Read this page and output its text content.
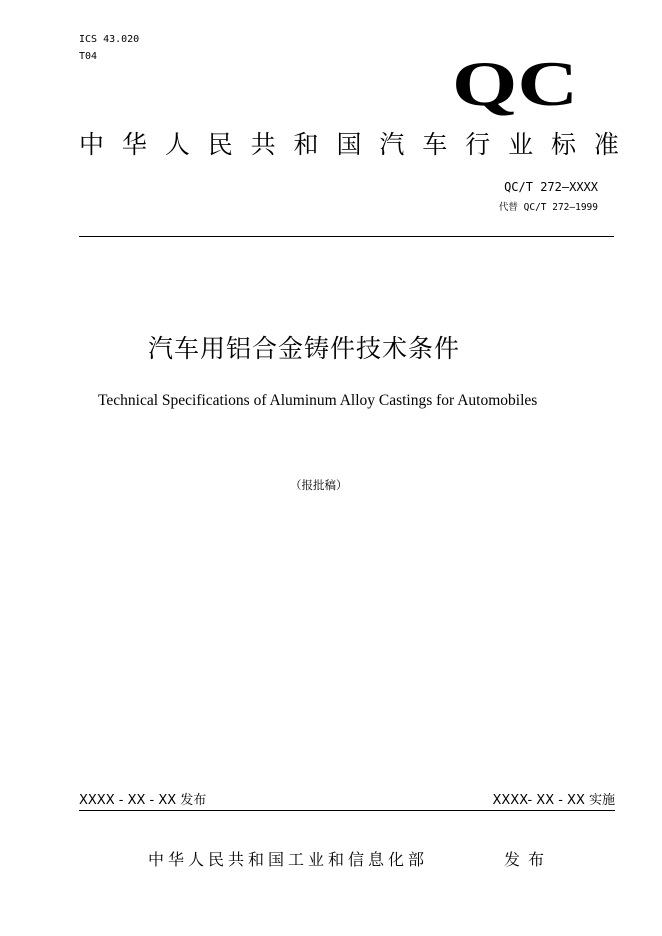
ICS 43.020
T04	QC
中 华 人 民 共 和 国 汽 车 行 业 标 准
QC/T 272—XXXX
代替 QC/T 272—1999
汽车用铝合金铸件技术条件
Technical Specifications of Aluminum Alloy Castings for Automobiles
（报批稿）
XXXX - XX - XX 发布	XXXX- XX - XX 实施
中华人民共和国工业和信息化部	发布
